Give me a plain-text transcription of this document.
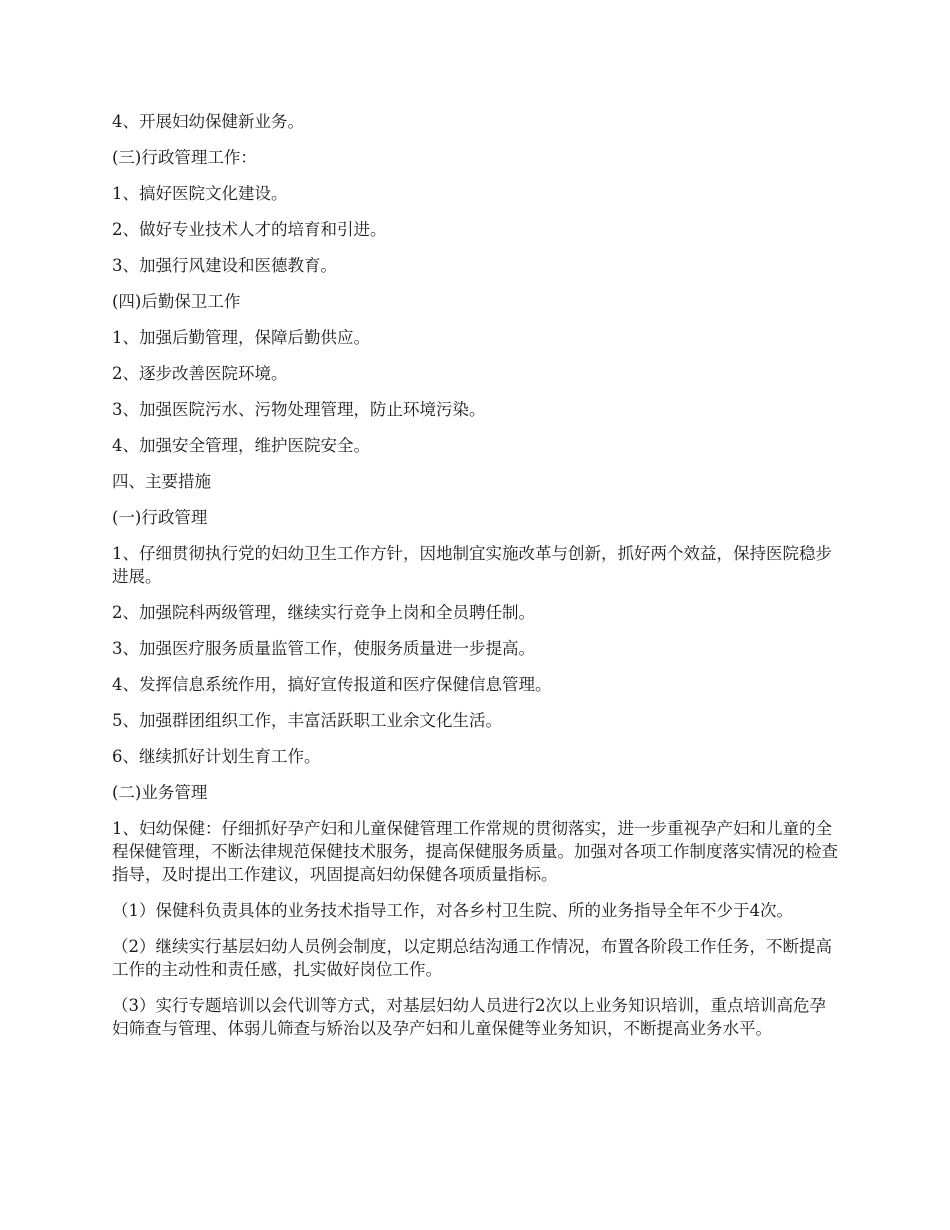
4、开展妇幼保健新业务。

(三)行政管理工作：

1、搞好医院文化建设。

2、做好专业技术人才的培育和引进。

3、加强行风建设和医德教育。

(四)后勤保卫工作

1、加强后勤管理，保障后勤供应。

2、逐步改善医院环境。

3、加强医院污水、污物处理管理，防止环境污染。

4、加强安全管理，维护医院安全。

四、主要措施

(一)行政管理

1、仔细贯彻执行党的妇幼卫生工作方针，因地制宜实施改革与创新，抓好两个效益，保持医院稳步进展。

2、加强院科两级管理，继续实行竞争上岗和全员聘任制。

3、加强医疗服务质量监管工作，使服务质量进一步提高。

4、发挥信息系统作用，搞好宣传报道和医疗保健信息管理。

5、加强群团组织工作，丰富活跃职工业余文化生活。

6、继续抓好计划生育工作。

(二)业务管理

1、妇幼保健：仔细抓好孕产妇和儿童保健管理工作常规的贯彻落实，进一步重视孕产妇和儿童的全程保健管理，不断法律规范保健技术服务，提高保健服务质量。加强对各项工作制度落实情况的检查指导，及时提出工作建议，巩固提高妇幼保健各项质量指标。

（1）保健科负责具体的业务技术指导工作，对各乡村卫生院、所的业务指导全年不少于4次。

（2）继续实行基层妇幼人员例会制度，以定期总结沟通工作情况，布置各阶段工作任务，不断提高工作的主动性和责任感，扎实做好岗位工作。

（3）实行专题培训以会代训等方式，对基层妇幼人员进行2次以上业务知识培训，重点培训高危孕妇筛查与管理、体弱儿筛查与矫治以及孕产妇和儿童保健等业务知识，不断提高业务水平。
